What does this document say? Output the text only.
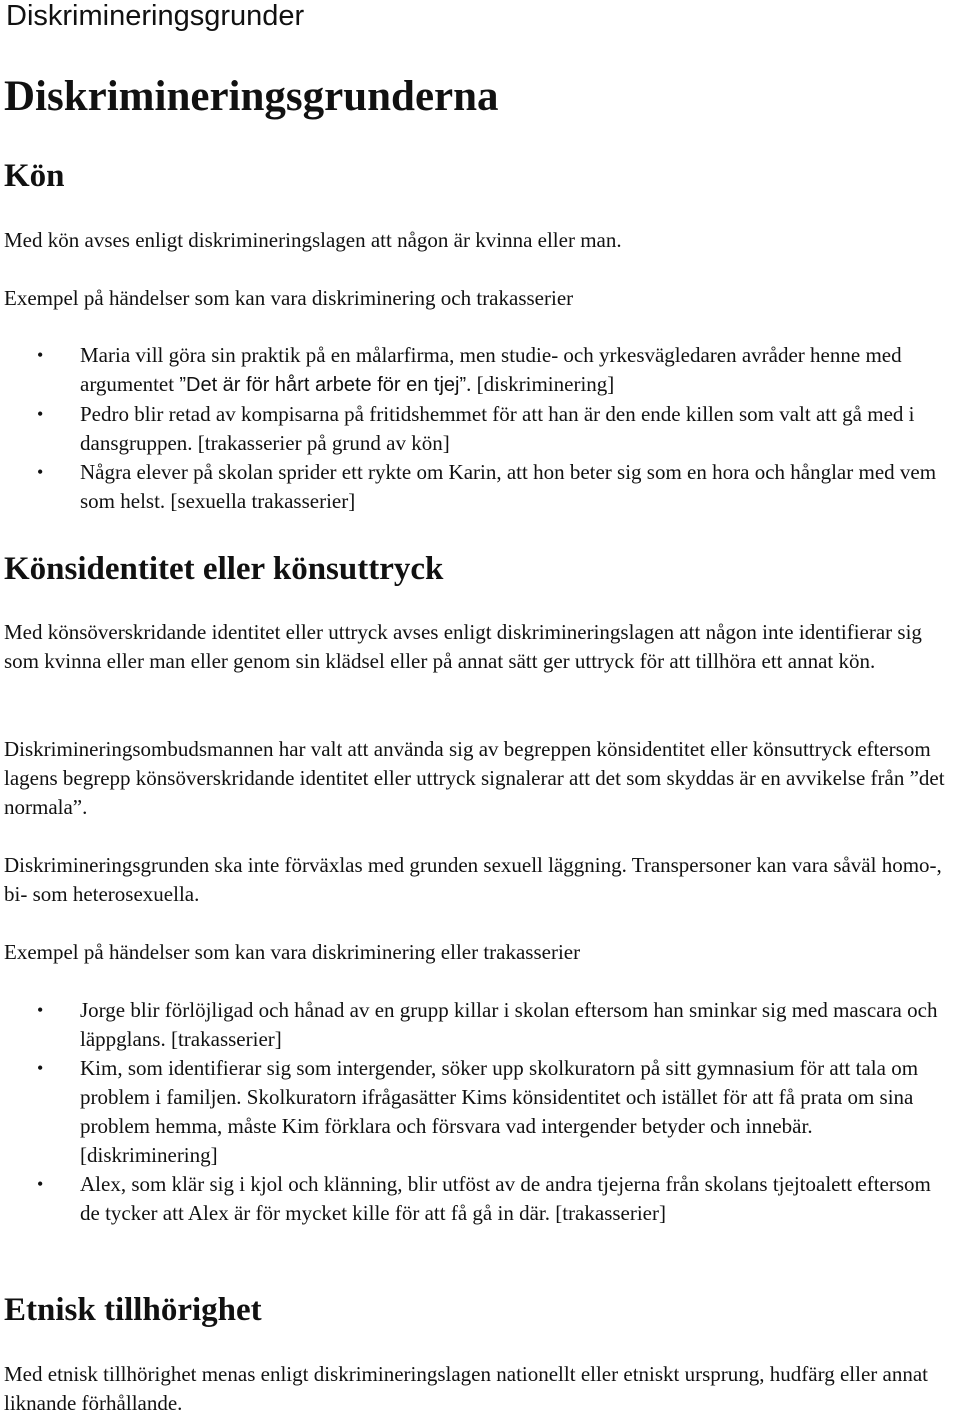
Diskrimineringsgrunder
Diskrimineringsgrunderna
Kön

Med kön avses enligt diskrimineringslagen att någon är kvinna eller man.

Exempel på händelser som kan vara diskriminering och trakasserier

• Maria vill göra sin praktik på en målarfirma, men studie- och yrkesvägledaren avråder henne med argumentet ”Det är för hårt arbete för en tjej”. [diskriminering]
• Pedro blir retad av kompisarna på fritidshemmet för att han är den ende killen som valt att gå med i dansgruppen. [trakasserier på grund av kön]
• Några elever på skolan sprider ett rykte om Karin, att hon beter sig som en hora och hånglar med vem som helst. [sexuella trakasserier]
Könsidentitet eller könsuttryck

Med könsöverskridande identitet eller uttryck avses enligt diskrimineringslagen att någon inte identifierar sig som kvinna eller man eller genom sin klädsel eller på annat sätt ger uttryck för att tillhöra ett annat kön.

Diskrimineringsombudsmannen har valt att använda sig av begreppen könsidentitet eller könsuttryck eftersom lagens begrepp könsöverskridande identitet eller uttryck signalerar att det som skyddas är en avvikelse från ”det normala”.

Diskrimineringsgrunden ska inte förväxlas med grunden sexuell läggning. Transpersoner kan vara såväl homo-, bi- som heterosexuella.

Exempel på händelser som kan vara diskriminering eller trakasserier

• Jorge blir förlöjligad och hånad av en grupp killar i skolan eftersom han sminkar sig med mascara och läppglans. [trakasserier]
• Kim, som identifierar sig som intergender, söker upp skolkuratorn på sitt gymnasium för att tala om problem i familjen. Skolkuratorn ifrågasätter Kims könsidentitet och istället för att få prata om sina problem hemma, måste Kim förklara och försvara vad intergender betyder och innebär. [diskriminering]
• Alex, som klär sig i kjol och klänning, blir utföst av de andra tjejerna från skolans tjejtoalett eftersom de tycker att Alex är för mycket kille för att få gå in där. [trakasserier]
Etnisk tillhörighet

Med etnisk tillhörighet menas enligt diskrimineringslagen nationellt eller etniskt ursprung, hudfärg eller annat liknande förhållande.
